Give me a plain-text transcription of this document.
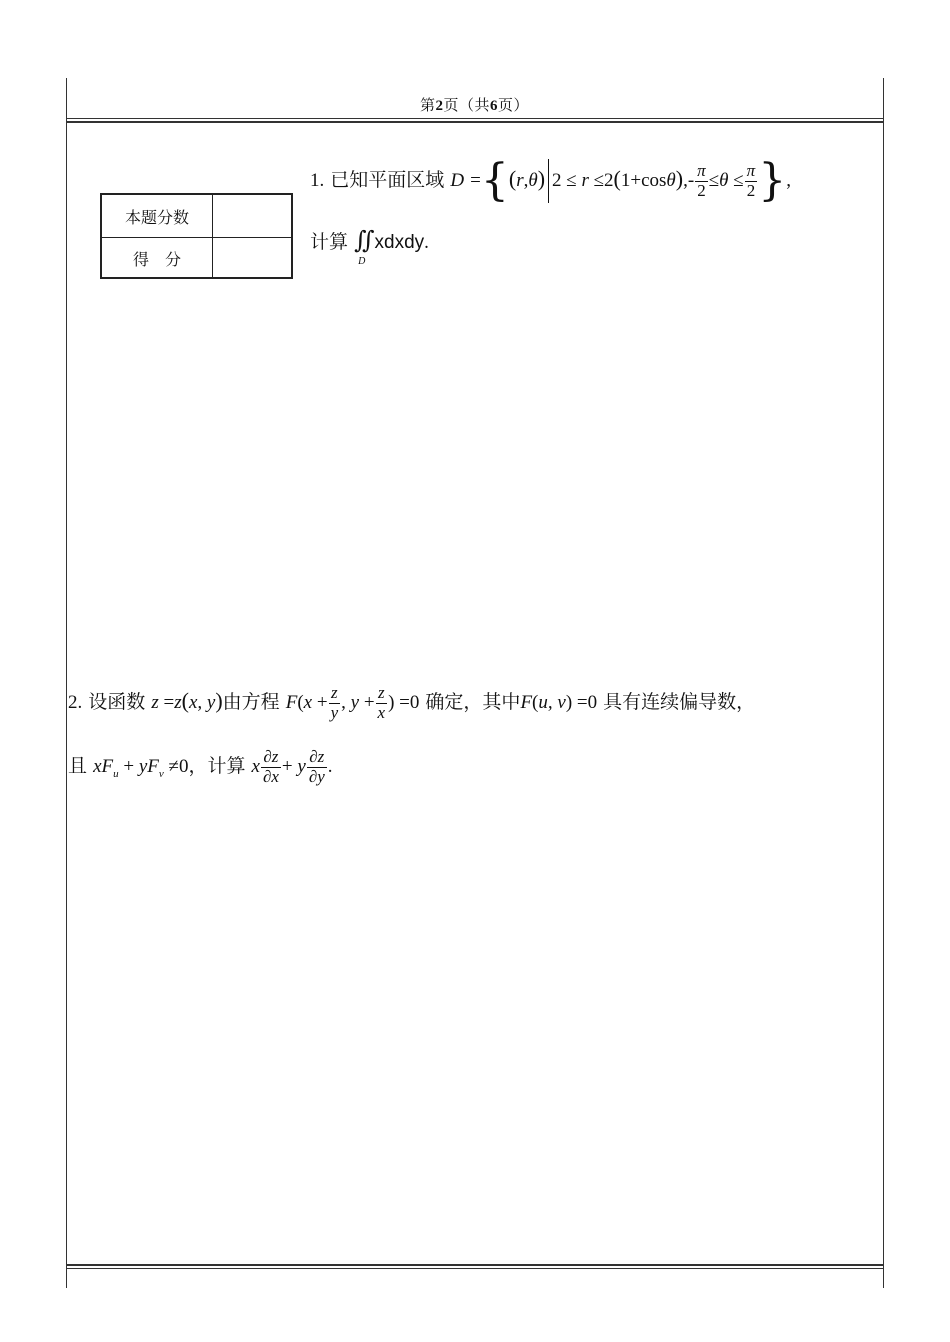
第2页（共6页）
本题分数
得　分
1. 已知平面区域 D ={(r,θ) $2 \le r \le 2(1+\cos\theta),- \frac{\pi}{2} \le\theta \le \frac{\pi}{2}$ },
计算 ∬
D
xdxdy.
2. 设函数 z =z(x, y)由方程 $F(x + \frac{z}{y}$ , $y + \frac{z}{x}$ ) =0 确定，其中F(u, v) =0 具有连续偏导数，
且 $xF_u + yF_v \ne 0$，计算 x $\frac{\partial z}{\partial x} + y \frac{\partial z}{\partial y}$ .
